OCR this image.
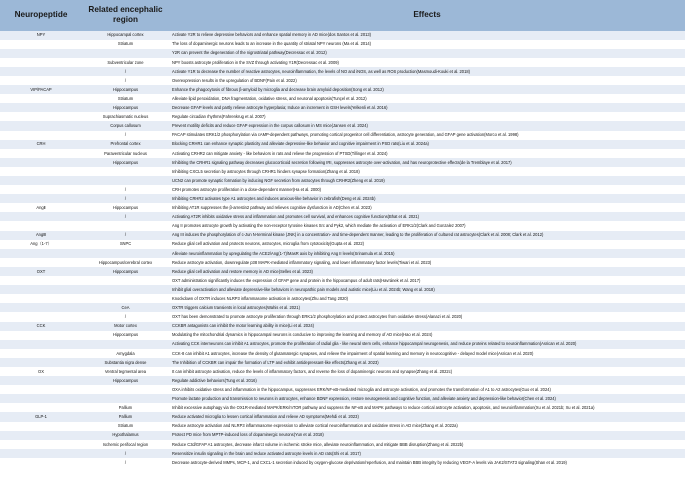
Neuropeptide	Related encephalic region	Effects
NPY	Hippocampal cortex	Activate Y2R to relieve depressive behaviors and enhance spatial memory in AD mice(dos Santos et al. 2013)
	Striatum	The loss of dopaminergic neurons leads to an increase in the quantity of striatal NPY neurons (Ma et al. 2014)
		Y2R can prevent the degeneration of the nigrostriatal pathway(Decressac et al. 2012)
	Subventricular zone	NPY boosts astrocyte proliferation in the SVZ through activating Y1R(Decressac et al. 2009)
	/	Activate Y1R to decrease the number of reactive astrocytes, neuroinflammation, the levels of NO and iNOS, as well as ROS production(Masmoudi-Kouki et al. 2018)
	/	Overexpression results in the upregulation of BDNF(Pain et al. 2022)
VIP/PACAP	Hippocampus	Enhance the phagocytosis of fibrous β-amyloid by microglia and decrease brain amyloid deposition(Song et al. 2012)
	Striatum	Alleviate lipid peroxidation, DNA fragmentation, oxidative stress, and neuronal apoptosis(Tunçel et al. 2012)
	Hippocampus	Decrease GFAP levels and partly relieve astrocyte hyperplasia; Induce an increment in GSH levels(Yelkenli et al. 2016)
	Suprachiasmatic nucleus	Regulate circadian rhythms(Fahrenkrug et al. 2007)
	Corpus callosum	Prevent motility deficits and reduce GFAP expression in the corpus callosum in MS mice(Jansen et al. 2024)
	/	PACAP stimulates ERK1/2 phosphorylation via cAMP-dependent pathways, promoting cortical progenitor cell differentiation, astrocyte generation, and GFAP gene activation(Morco et al. 1998)
CRH	Prefrontal cortex	Blocking CRHR1 can enhance synaptic plasticity and alleviate depressive-like behavior and cognitive impairment in PSD rats(Liu et al. 2024a)
	Paraventricular nucleus	Activating CRHR2 can mitigate anxiety - like behaviors in rats and relieve the progression of PTSD(Tillinger et al. 2024)
	Hippocampus	Inhibiting the CRHR1 signaling pathway decreases glucocorticoid secretion following IRI, suppresses astrocyte over-activation, and has neuroprotective effects(de la Tremblaye et al. 2017)
		Inhibiting CXCL5 secretion by astrocytes through CRHR1 hinders synapse formation(Zhang et al. 2018)
		UCN2 can promote synaptic formation by inducing NGF secretion from astrocytes through CRHR2(Zheng et al. 2019)
	/	CRH promotes astrocyte proliferation in a dose-dependent manner(Ha et al. 2000)
	/	Inhibiting CRHR2 activates type A1 astrocytes and induces anxious-like behavior in zebrafish(Deng et al. 2024b)
AngⅡ	Hippocampus	Inhibiting AT1R suppresses the β-arrestin2 pathway and relieves cognitive dysfunction in AD(Chen et al. 2023)
	/	Activating AT2R inhibits oxidative stress and inflammation and promotes cell survival, and enhances cognitive functions(Bhat et al. 2021)
		Ang II promotes astrocyte growth by activating the non-receptor tyrosine kinases Src and Pyk2, which mediate the activation of ERK1/2(Clark and Gonzalez 2007)
AngⅢ	/	Ang III induces the phosphorylation of c-Jun N-terminal kinase (JNK) in a concentration- and time-dependent manner, leading to the proliferation of cultured rat astrocytes(Clark et al. 2008; Clark et al. 2012)
Ang（1-7）	SNPC	Reduce glial cell activation and protects neurons, astrocytes, microglia from cytotoxicity(Gupta et al. 2022)
		Alleviate neuroinflammation by upregulating the ACE2/Ang(1-7)/MasR axis by inhibiting Ang II levels(Srinamula et al. 2015)
	Hippocampus/cerebral cortex	Reduce astrocyte activation, downregulate p38 MAPK-mediated inflammatory signaling, and lower inflammatory factor levels(Tiwari et al. 2023)
OXT	Hippocampus	Reduce glial cell activation and restore memory in AD mice(Selles et al. 2023)
		OXT administration significantly induces the expression of GFAP gene and protein in the hippocampus of adult rats(Havránek et al. 2017)
		Inhibit glial overactivation and alleviate depressive-like behaviors in neuropathic pain models and autistic mice(Liu et al. 2024b; Wang et al. 2018)
		Knockdown of OXTR induces NLRP3 inflammasome activation in astrocytes(Zhu and Tang 2020)
	CeA	OXTR triggers calcium transients in local astrocytes(Wahis et al. 2021)
	/	OXT has been demonstrated to promote astrocyte proliferation through ERK1/2 phosphorylation and protect astrocytes from oxidative stress(Alanazi et al. 2020)
CCK	Motor cortex	CCKBR antagonists can inhibit the motor learning ability in mice(Li et al. 2024)
	Hippocampus	Modulating the mitochondrial dynamics in hippocampal neurons is conducive to improving the learning and memory of AD mice(Hao et al. 2024)
		Activating CCK interneurons can inhibit A1 astrocytes, promote the proliferation of radial glia - like neural stem cells, enhance hippocampal neurogenesis, and reduce proteins related to neuroinflammation(Asrican et al. 2020)
	Amygdala	CCK-8 can inhibit A1 astrocytes, increase the density of glutamatergic synapses, and relieve the impairment of spatial learning and memory in neurocognitive - delayed model mice(Asrican et al. 2020)
	Substantia nigra dense	The Inhibition of CCKBR can impair the formation of LTP and exhibit antidepressant-like effects(Zhang et al. 2023)
OX	Ventral tegmental area	It can inhibit astrocyte activation, reduce the levels of inflammatory factors, and reverse the loss of dopaminergic neurons and synapse(Zhang et al. 2022c)
	Hippocampus	Regulate addictive behaviors(Tung et al. 2016)
		OXA inhibits oxidative stress and inflammation in the hippocampus, suppresses ERK/NF-κB-mediated microglia and astrocyte activation, and promotes the transformation of A1 to A2 astrocytes(Guo et al. 2024)
		Promote lactate production and transmission to neurons in astrocytes, enhance BDNF expression, restore neurogenesis and cognitive function, and alleviate anxiety and depression-like behavior(Chen et al. 2024)
	Pallium	Inhibit excessive autophagy via the OX1R-mediated MAPK/ERK/mTOR pathway and suppress the NF-κB and MAPK pathways to reduce cortical astrocyte activation, apoptosis, and neuroinflammation(Xu et al. 2021b; Xu et al. 2021a)
GLP-1	Pallium	Reduce activated microglia to lessen cortical inflammation and relieve AD symptoms(Mehdi et al. 2023)
	Striatum	Reduce astrocyte activation and NLRP3 inflammasome expression to alleviate cortical neuroinflammation and oxidative stress in AD mice(Zhang et al. 2022a)
	Hypothalamus	Protect PD mice from MPTP-induced loss of dopaminergic neurons(Yun et al. 2018)
	Ischemic perifocal region	Reduce C3d/GFAP A1 astrocytes, decrease infarct volume in ischemic stroke mice, alleviate neuroinflammation, and mitigate BBB disruption(Zhang et al. 2022b)
	/	Resensitize insulin signaling in the brain and reduce activated astrocyte levels in AD rats(Shi et al. 2017)
	/	Decrease astrocyte-derived MMPs, MCP-1, and CXCL-1 secretion induced by oxygen-glucose deprivation/reperfusion, and maintain BBB integrity by reducing VEGF-A levels via JAK2/STAT3 signaling(Shan et al. 2019)
